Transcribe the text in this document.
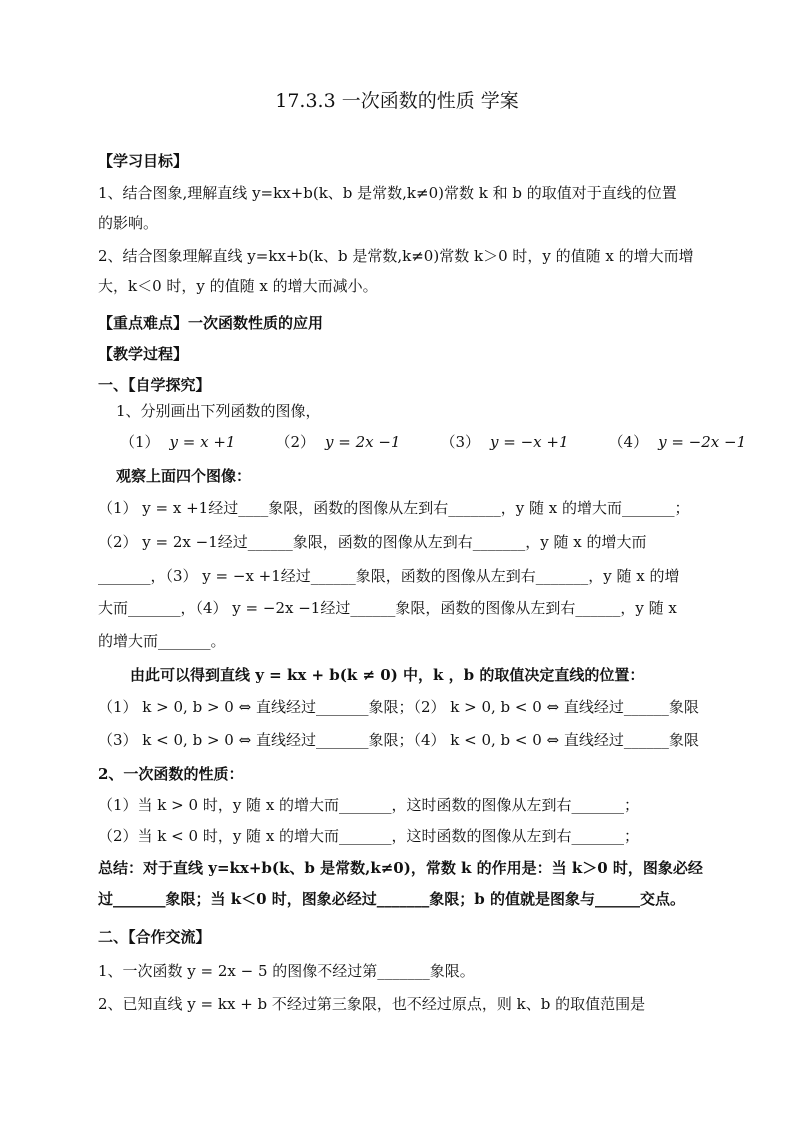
17.3.3 一次函数的性质 学案
【学习目标】
1、结合图象,理解直线 y=kx+b(k、b 是常数,k≠0)常数 k 和 b 的取值对于直线的位置
的影响。
2、结合图象理解直线 y=kx+b(k、b 是常数,k≠0)常数 k＞0 时，y 的值随 x 的增大而增
大，k＜0 时，y 的值随 x 的增大而减小。
【重点难点】一次函数性质的应用
【教学过程】
一、【自学探究】
1、分别画出下列函数的图像，
（1） y = x +1	（2） y = 2x −1	（3） y = −x +1	（4） y = −2x −1
观察上面四个图像：
（1） y = x +1经过____象限，函数的图像从左到右_______，y 随 x 的增大而_______；
（2） y = 2x −1经过______象限，函数的图像从左到右_______，y 随 x 的增大而
_______，（3） y = −x +1经过______象限，函数的图像从左到右_______，y 随 x 的增
大而_______，（4） y = −2x −1经过______象限，函数的图像从左到右______，y 随 x
的增大而_______。
由此可以得到直线 y = kx + b(k ≠ 0) 中，k ，b 的取值决定直线的位置：
（1） k > 0, b > 0 ⇔ 直线经过_______象限；（2） k > 0, b < 0 ⇔ 直线经过______象限
（3） k < 0, b > 0 ⇔ 直线经过_______象限；（4） k < 0, b < 0 ⇔ 直线经过______象限
2、一次函数的性质：
（1）当 k > 0 时，y 随 x 的增大而_______，这时函数的图像从左到右_______；
（2）当 k < 0 时，y 随 x 的增大而_______，这时函数的图像从左到右_______；
总结：对于直线 y=kx+b(k、b 是常数,k≠0)，常数 k 的作用是：当 k＞0 时，图象必经
过_______象限；当 k＜0 时，图象必经过_______象限；b 的值就是图象与______交点。
二、【合作交流】
1、一次函数 y = 2x − 5 的图像不经过第_______象限。
2、已知直线 y = kx + b 不经过第三象限，也不经过原点，则 k、b 的取值范围是
